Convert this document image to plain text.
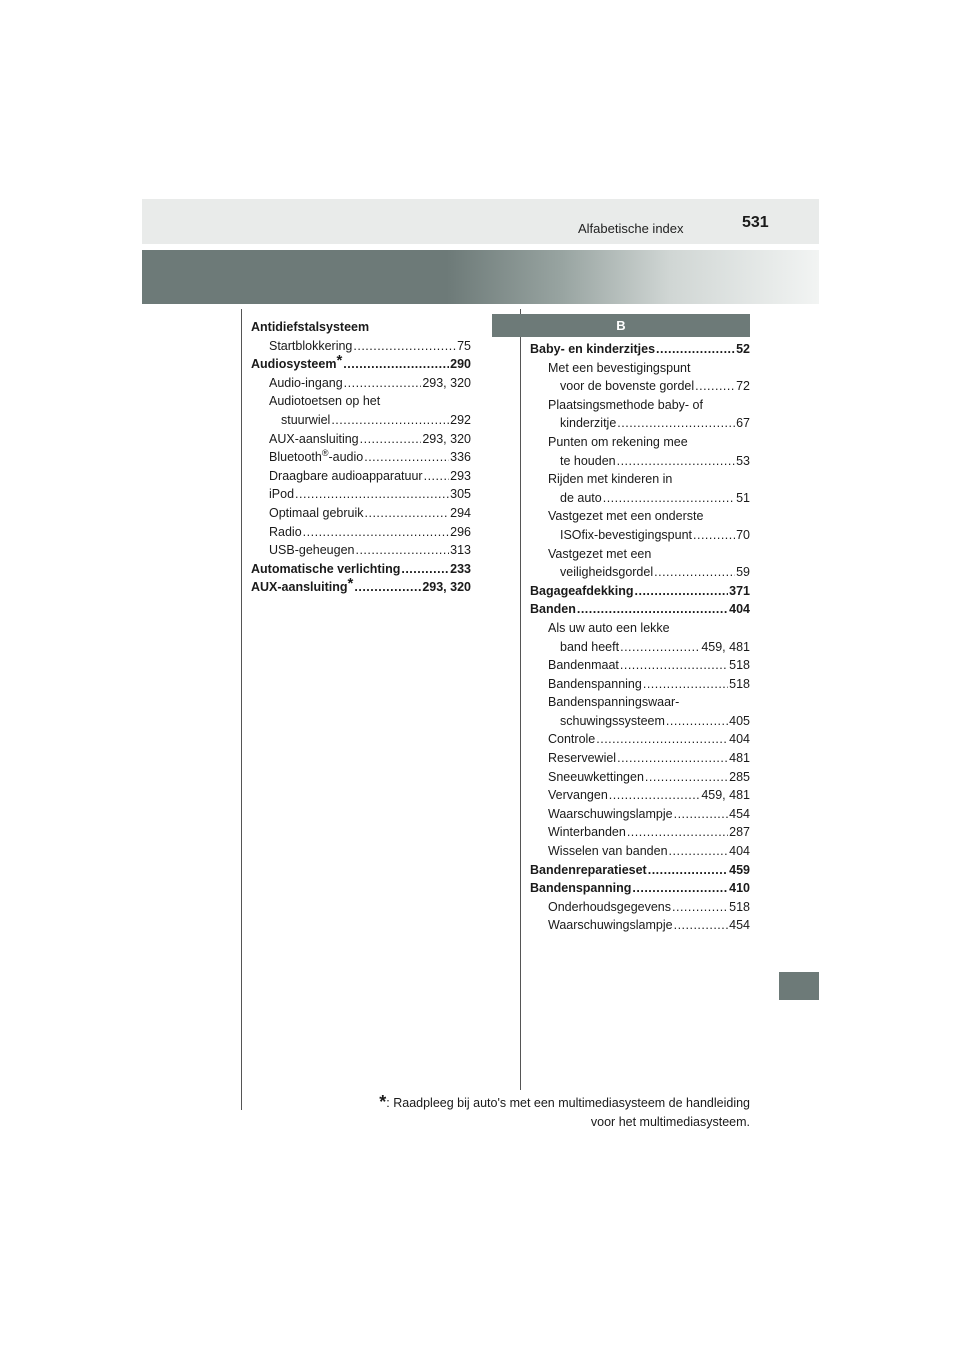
Alfabetische index	531
Antidiefstalsysteem
Startblokkering .....	75
Audiosysteem* .....	290
Audio-ingang .....	293, 320
Audiotoetsen op het
stuurwiel .....	292
AUX-aansluiting .....	293, 320
Bluetooth®-audio .....	336
Draagbare audioapparatuur ..... 293
iPod .....	305
Optimaal gebruik .....	294
Radio .....	296
USB-geheugen .....	313
Automatische verlichting .....	233
AUX-aansluiting* .....	293, 320
B
Baby- en kinderzitjes .....	52
Met een bevestigingspunt
voor de bovenste gordel .....	72
Plaatsingsmethode baby- of
kinderzitje .....	67
Punten om rekening mee
te houden .....	53
Rijden met kinderen in
de auto .....	51
Vastgezet met een onderste
ISOfix-bevestigingspunt .....	70
Vastgezet met een
veiligheidsgordel .....	59
Bagageafdekking .....	371
Banden .....	404
Als uw auto een lekke
band heeft .....	459, 481
Bandenmaat .....	518
Bandenspanning .....	518
Bandenspanningswaar-
schuwingssysteem .....	405
Controle .....	404
Reservewiel .....	481
Sneeuwkettingen .....	285
Vervangen .....	459, 481
Waarschuwingslampje .....	454
Winterbanden .....	287
Wisselen van banden .....	404
Bandenreparatieset .....	459
Bandenspanning .....	410
Onderhoudsgegevens .....	518
Waarschuwingslampje .....	454
*: Raadpleeg bij auto's met een multimediasysteem de handleiding
voor het multimediasysteem.
